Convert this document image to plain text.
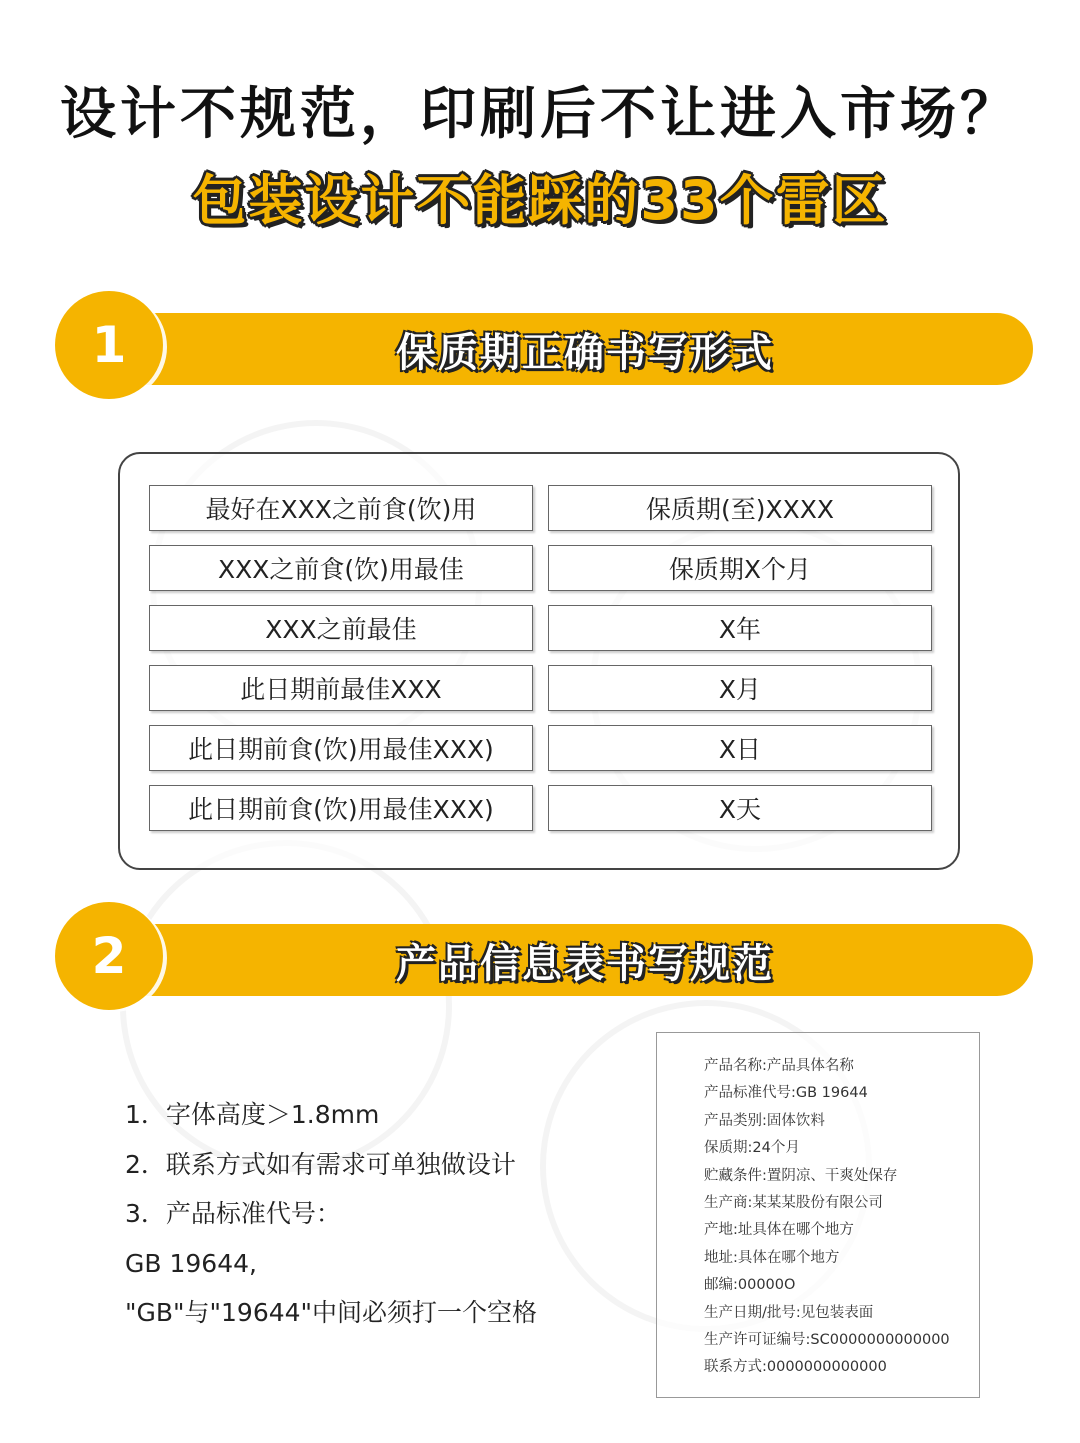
设计不规范，印刷后不让进入市场？
包装设计不能踩的33个雷区
1	保质期正确书写形式
最好在XXX之前食(饮)用	保质期(至)XXXX
XXX之前食(饮)用最佳	保质期X个月
XXX之前最佳	X年
此日期前最佳XXX	X月
此日期前食(饮)用最佳XXX)	X日
此日期前食(饮)用最佳XXX)	X天
2	产品信息表书写规范
1．字体高度＞1.8mm
2．联系方式如有需求可单独做设计
3．产品标准代号：
GB 19644,
"GB"与"19644"中间必须打一个空格
产品名称:产品具体名称
产品标准代号:GB 19644
产品类别:固体饮料
保质期:24个月
贮藏条件:置阴凉、干爽处保存
生产商:某某某股份有限公司
产地:址具体在哪个地方
地址:具体在哪个地方
邮编:00000O
生产日期/批号:见包装表面
生产许可证编号:SC0000000000000
联系方式:0000000000000
